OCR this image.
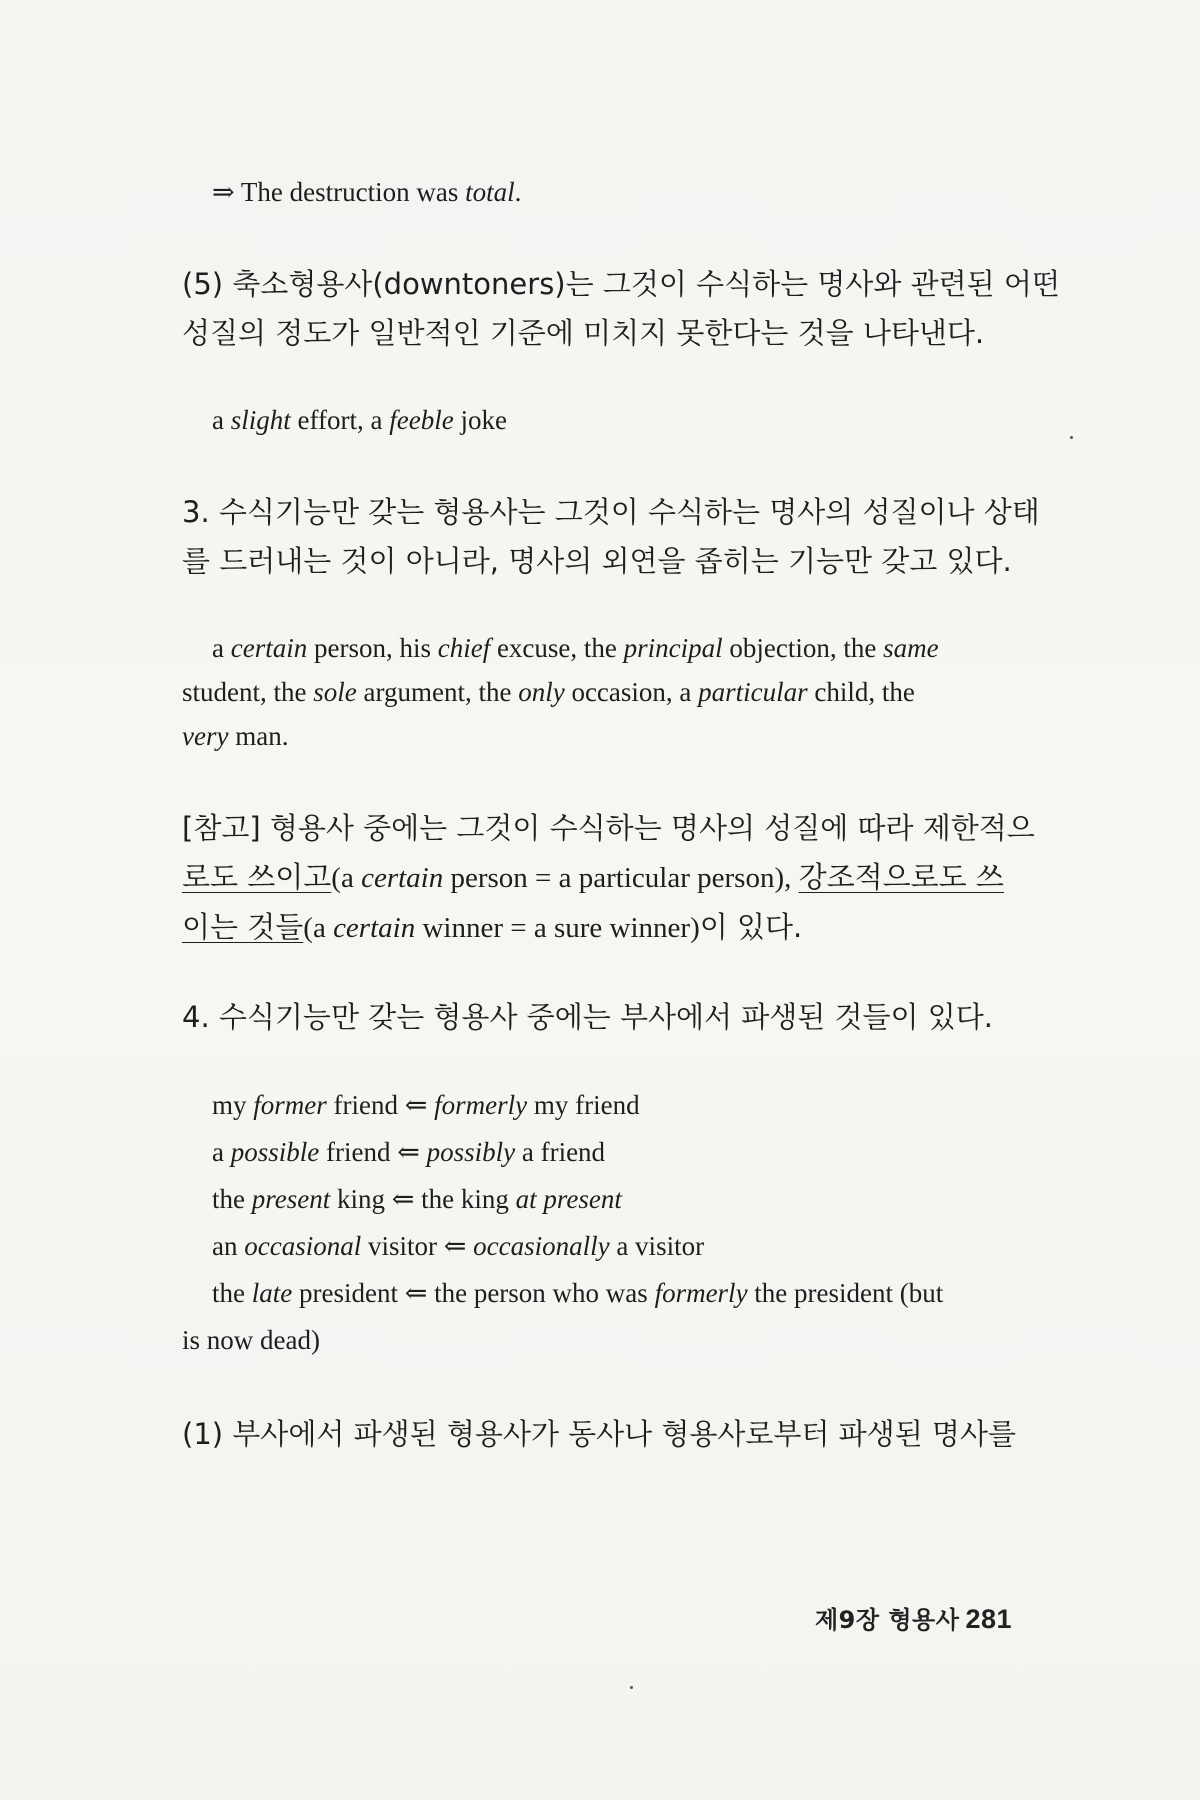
⇒ The destruction was total.
(5) 축소형용사(downtoners)는 그것이 수식하는 명사와 관련된 어떤
성질의 정도가 일반적인 기준에 미치지 못한다는 것을 나타낸다.
a slight effort, a feeble joke
3. 수식기능만 갖는 형용사는 그것이 수식하는 명사의 성질이나 상태
를 드러내는 것이 아니라, 명사의 외연을 좁히는 기능만 갖고 있다.
a certain person, his chief excuse, the principal objection, the same
student, the sole argument, the only occasion, a particular child, the
very man.
[참고] 형용사 중에는 그것이 수식하는 명사의 성질에 따라 제한적으
로도 쓰이고(a certain person = a particular person), 강조적으로도 쓰
이는 것들(a certain winner = a sure winner)이 있다.
4. 수식기능만 갖는 형용사 중에는 부사에서 파생된 것들이 있다.
my former friend ⇐ formerly my friend
a possible friend ⇐ possibly a friend
the present king ⇐ the king at present
an occasional visitor ⇐ occasionally a visitor
the late president ⇐ the person who was formerly the president (but
is now dead)
(1) 부사에서 파생된 형용사가 동사나 형용사로부터 파생된 명사를
제9장 형용사 281
